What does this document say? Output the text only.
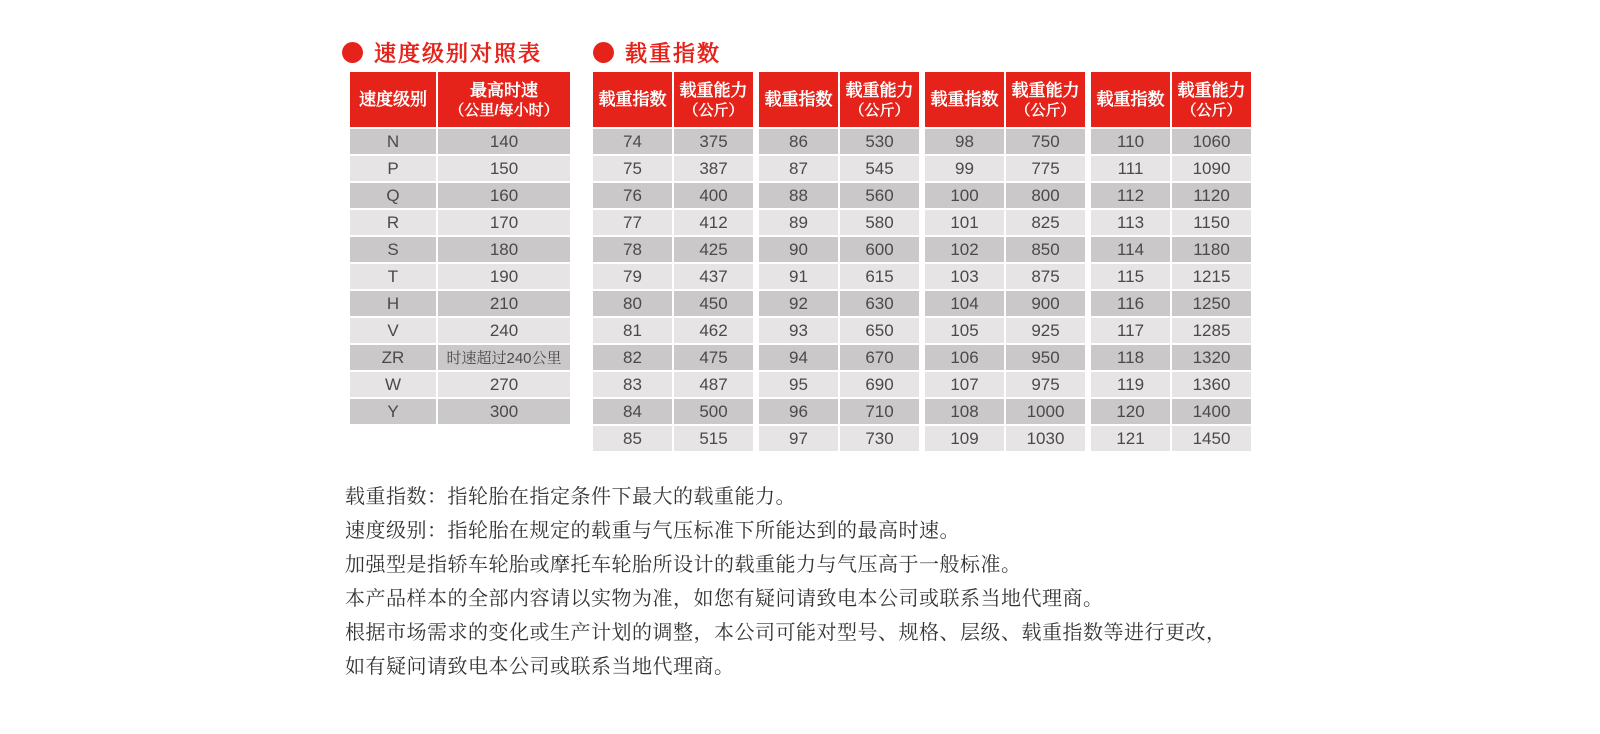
速度级别对照表
速度级别	最高时速
（公里/每小时）
N	140
P	150
Q	160
R	170
S	180
T	190
H	210
V	240
ZR	时速超过240公里
W	270
Y	300
载重指数
载重指数 载重能力
（公斤）
载重指数 载重能力
（公斤）
载重指数 载重能力
（公斤）
载重指数 载重能力
（公斤）
74	375	86	530	98	750	110	1060
75	387	87	545	99	775	111	1090
76	400	88	560	100	800	112	1120
77	412	89	580	101	825	113	1150
78	425	90	600	102	850	114	1180
79	437	91	615	103	875	115	1215
80	450	92	630	104	900	116	1250
81	462	93	650	105	925	117	1285
82	475	94	670	106	950	118	1320
83	487	95	690	107	975	119	1360
84	500	96	710	108	1000	120	1400
85	515	97	730	109	1030	121	1450

载重指数：指轮胎在指定条件下最大的载重能力。

速度级别：指轮胎在规定的载重与气压标准下所能达到的最高时速。

加强型是指轿车轮胎或摩托车轮胎所设计的载重能力与气压高于一般标准。

本产品样本的全部内容请以实物为准，如您有疑问请致电本公司或联系当地代理商。

根据市场需求的变化或生产计划的调整，本公司可能对型号、规格、层级、载重指数等进行更改，

如有疑问请致电本公司或联系当地代理商。
